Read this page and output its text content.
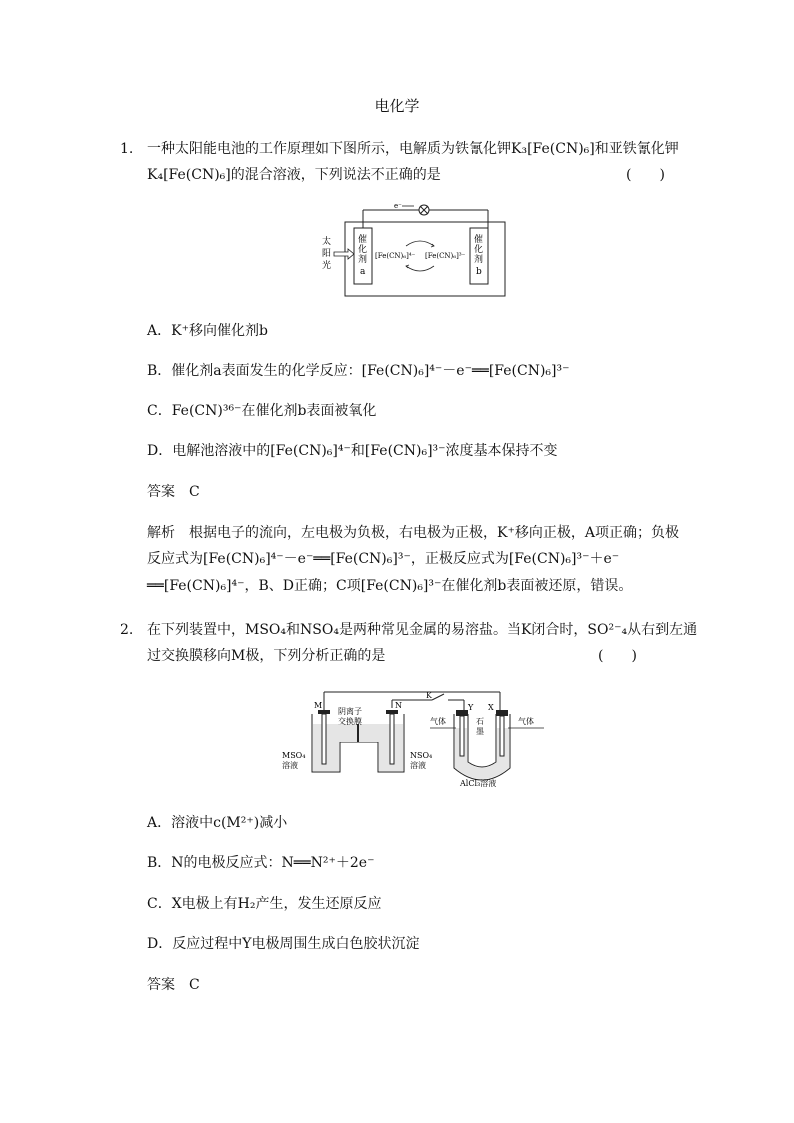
电化学
1. 一种太阳能电池的工作原理如下图所示，电解质为铁氰化钾K₃[Fe(CN)₆]和亚铁氰化钾
K₄[Fe(CN)₆]的混合溶液，下列说法不正确的是	(　　)
e⁻
催
化
剂
a
催
化
剂
b
太
阳
光
[Fe(CN)₆]⁴⁻ [Fe(CN)₆]³⁻
A．K⁺移向催化剂b
B．催化剂a表面发生的化学反应：[Fe(CN)₆]⁴⁻－e⁻══[Fe(CN)₆]³⁻
C．Fe(CN)³⁶⁻在催化剂b表面被氧化
D．电解池溶液中的[Fe(CN)₆]⁴⁻和[Fe(CN)₆]³⁻浓度基本保持不变
答案　C
解析　根据电子的流向，左电极为负极，右电极为正极，K⁺移向正极，A项正确；负极
反应式为[Fe(CN)₆]⁴⁻－e⁻══[Fe(CN)₆]³⁻，正极反应式为[Fe(CN)₆]³⁻＋e⁻
══[Fe(CN)₆]⁴⁻，B、D正确；C项[Fe(CN)₆]³⁻在催化剂b表面被还原，错误。
2. 在下列装置中，MSO₄和NSO₄是两种常见金属的易溶盐。当K闭合时，SO²⁻₄从右到左通
过交换膜移向M极，下列分析正确的是	(　　)
K
M	N
阴离子
交换膜
MSO₄
溶液
NSO₄
溶液
Y X
气体	气体
石
墨
AlCl₃溶液
A．溶液中c(M²⁺)减小
B．N的电极反应式：N══N²⁺＋2e⁻
C．X电极上有H₂产生，发生还原反应
D．反应过程中Y电极周围生成白色胶状沉淀
答案　C
